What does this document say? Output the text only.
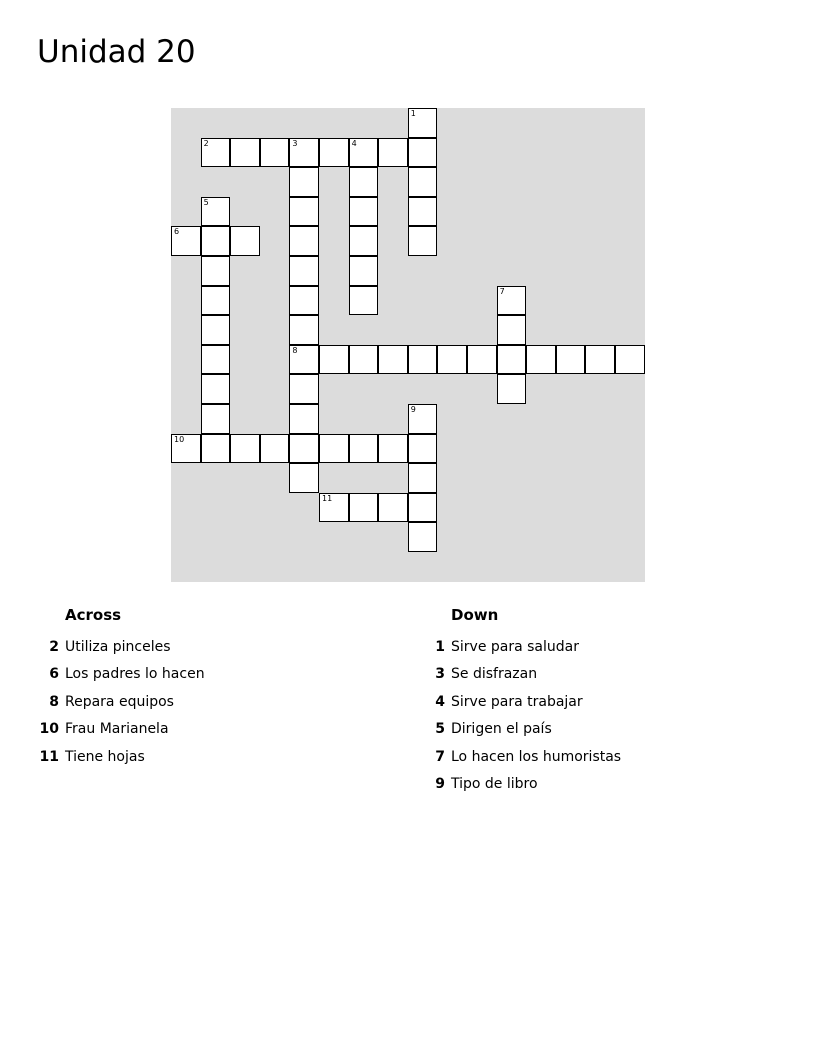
Unidad 20
1
2	3	4
8
5
6
7
9
10
11
Across	Down
2 Utiliza pinceles
6 Los padres lo hacen
8 Repara equipos
10 Frau Marianela
11 Tiene hojas
1 Sirve para saludar
3 Se disfrazan
4 Sirve para trabajar
5 Dirigen el país
7 Lo hacen los humoristas
9 Tipo de libro
